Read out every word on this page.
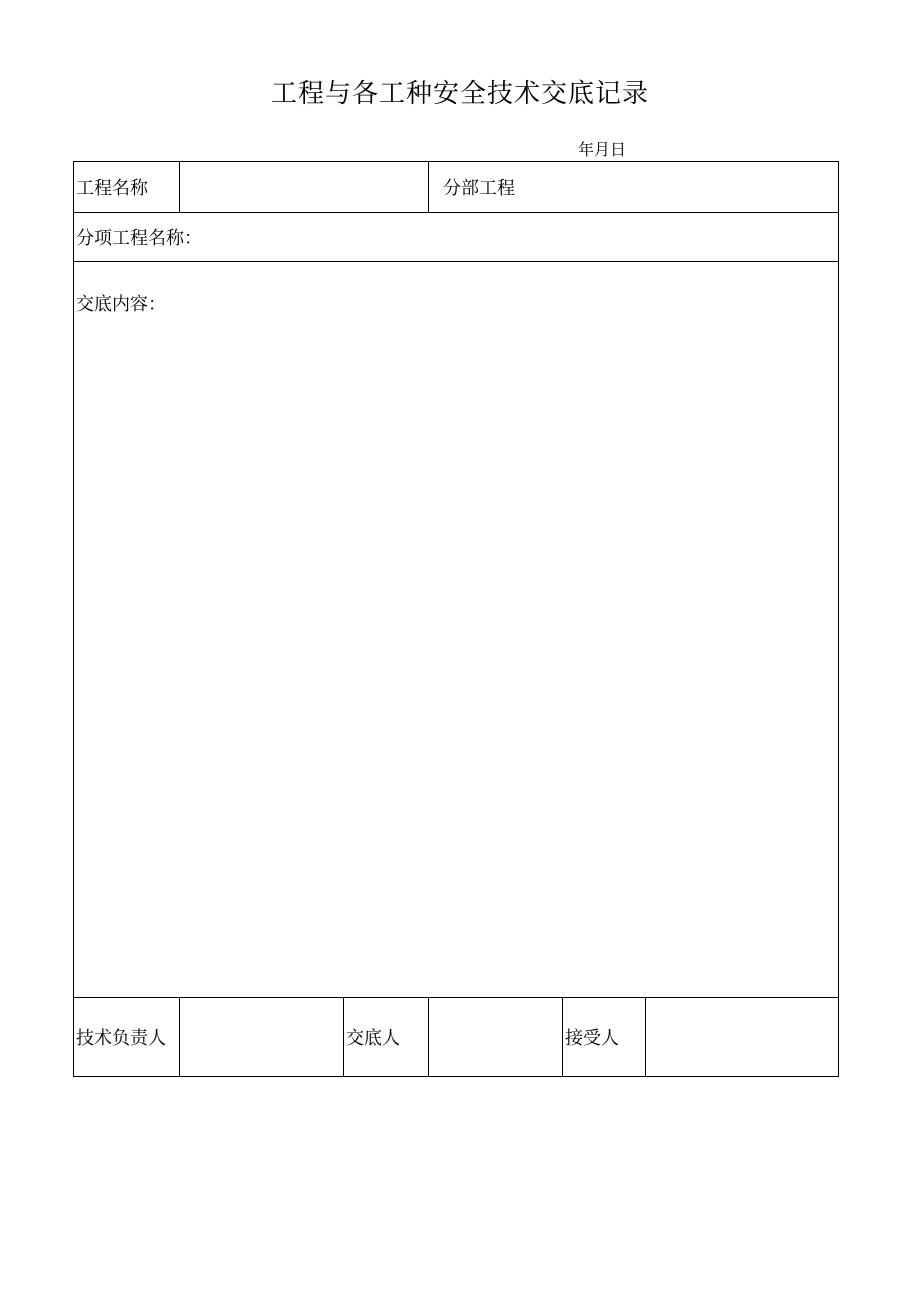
工程与各工种安全技术交底记录
年月日
工程名称			分部工程		
分项工程名称：					

交底内容：					

技术负责人		交底人		接受人	
